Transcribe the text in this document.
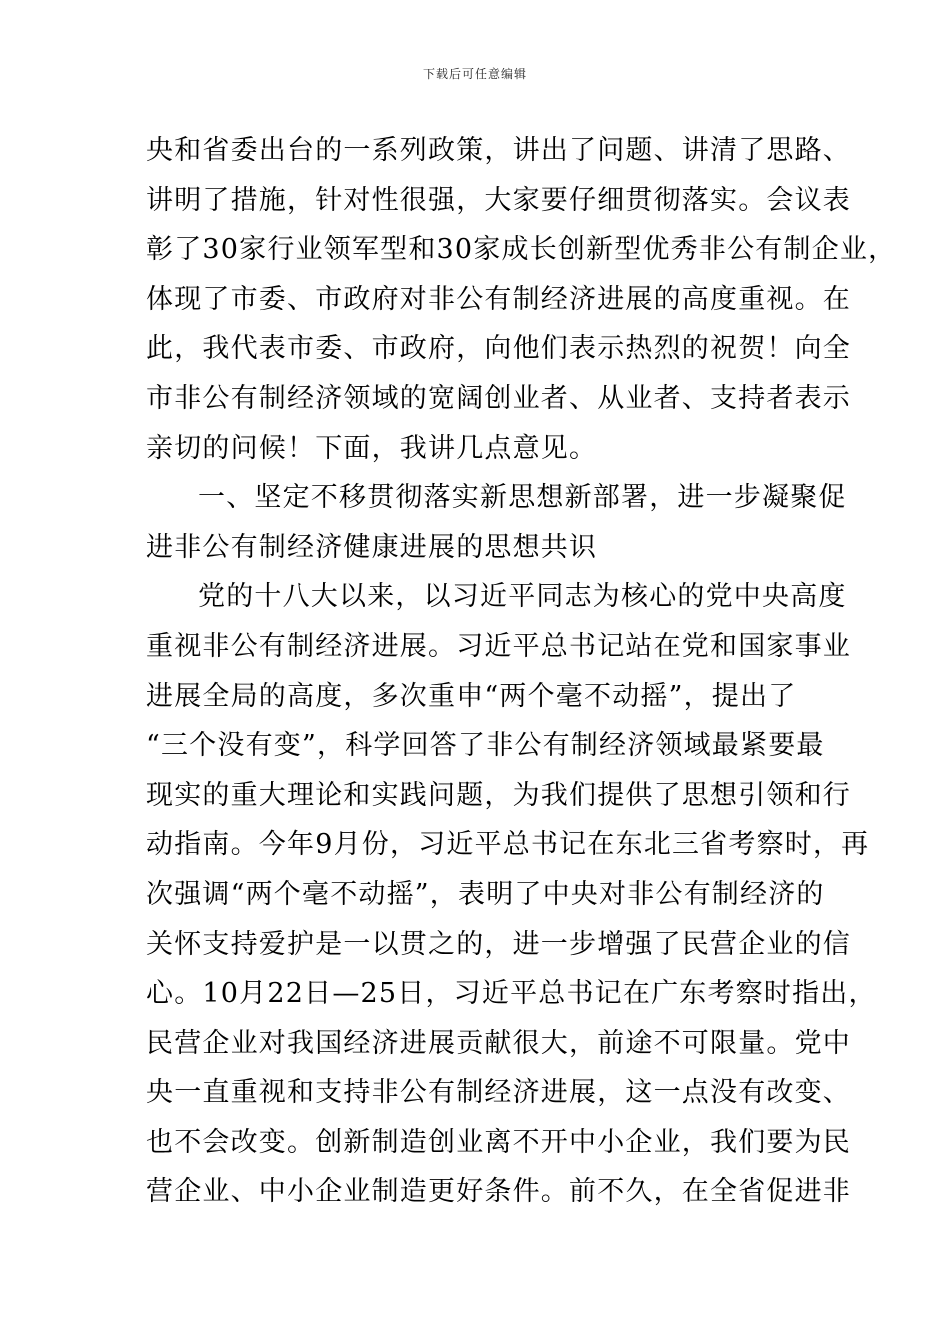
下载后可任意编辑
央和省委出台的一系列政策，讲出了问题、讲清了思路、
讲明了措施，针对性很强，大家要仔细贯彻落实。会议表
彰了30家行业领军型和30家成长创新型优秀非公有制企业，
体现了市委、市政府对非公有制经济进展的高度重视。在
此，我代表市委、市政府，向他们表示热烈的祝贺！向全
市非公有制经济领域的宽阔创业者、从业者、支持者表示
亲切的问候！下面，我讲几点意见。
一、坚定不移贯彻落实新思想新部署，进一步凝聚促
进非公有制经济健康进展的思想共识
党的十八大以来，以习近平同志为核心的党中央高度
重视非公有制经济进展。习近平总书记站在党和国家事业
进展全局的高度，多次重申“两个毫不动摇”，提出了
“三个没有变”，科学回答了非公有制经济领域最紧要最
现实的重大理论和实践问题，为我们提供了思想引领和行
动指南。今年9月份，习近平总书记在东北三省考察时，再
次强调“两个毫不动摇”，表明了中央对非公有制经济的
关怀支持爱护是一以贯之的，进一步增强了民营企业的信
心。10月22日—25日，习近平总书记在广东考察时指出，
民营企业对我国经济进展贡献很大，前途不可限量。党中
央一直重视和支持非公有制经济进展，这一点没有改变、
也不会改变。创新制造创业离不开中小企业，我们要为民
营企业、中小企业制造更好条件。前不久，在全省促进非
